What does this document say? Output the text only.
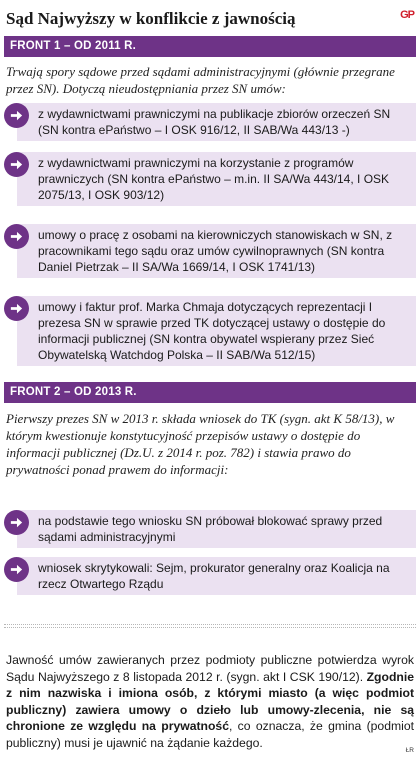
Sąd Najwyższy w konflikcie z jawnością	GP
FRONT 1 – OD 2011 R.
Trwają spory sądowe przed sądami administracyjnymi (głównie przegrane przez SN). Dotyczą nieudostępniania przez SN umów:
z wydawnictwami prawniczymi na publikacje zbiorów orzeczeń SN (SN kontra ePaństwo – I OSK 916/12, II SAB/Wa 443/13 -)
z wydawnictwami prawniczymi na korzystanie z programów prawniczych (SN kontra ePaństwo – m.in. II SA/Wa 443/14, I OSK 2075/13, I OSK 903/12)
umowy o pracę z osobami na kierowniczych stanowiskach w SN, z pracownikami tego sądu oraz umów cywilnoprawnych (SN kontra Daniel Pietrzak – II SA/Wa 1669/14, I OSK 1741/13)
umowy i faktur prof. Marka Chmaja dotyczących reprezentacji I prezesa SN w sprawie przed TK dotyczącej ustawy o dostępie do informacji publicznej (SN kontra obywatel wspierany przez Sieć Obywatelską Watchdog Polska – II SAB/Wa 512/15)
FRONT 2 – OD 2013 R.
Pierwszy prezes SN w 2013 r. składa wniosek do TK (sygn. akt K 58/13), w którym kwestionuje konstytucyjność przepisów ustawy o dostępie do informacji publicznej (Dz.U. z 2014 r. poz. 782) i stawia prawo do prywatności ponad prawem do informacji:
na podstawie tego wniosku SN próbował blokować sprawy przed sądami administracyjnymi
wniosek skrytykowali: Sejm, prokurator generalny oraz Koalicja na rzecz Otwartego Rządu
Jawność umów zawieranych przez podmioty publiczne potwierdza wyrok Sądu Najwyższego z 8 listopada 2012 r. (sygn. akt I CSK 190/12). Zgodnie z nim nazwiska i imiona osób, z którymi miasto (a więc podmiot publiczny) zawiera umowy o dzieło lub umowy-zlecenia, nie są chronione ze względu na prywatność, co oznacza, że gmina (podmiot publiczny) musi je ujawnić na żądanie każdego.
ŁR
